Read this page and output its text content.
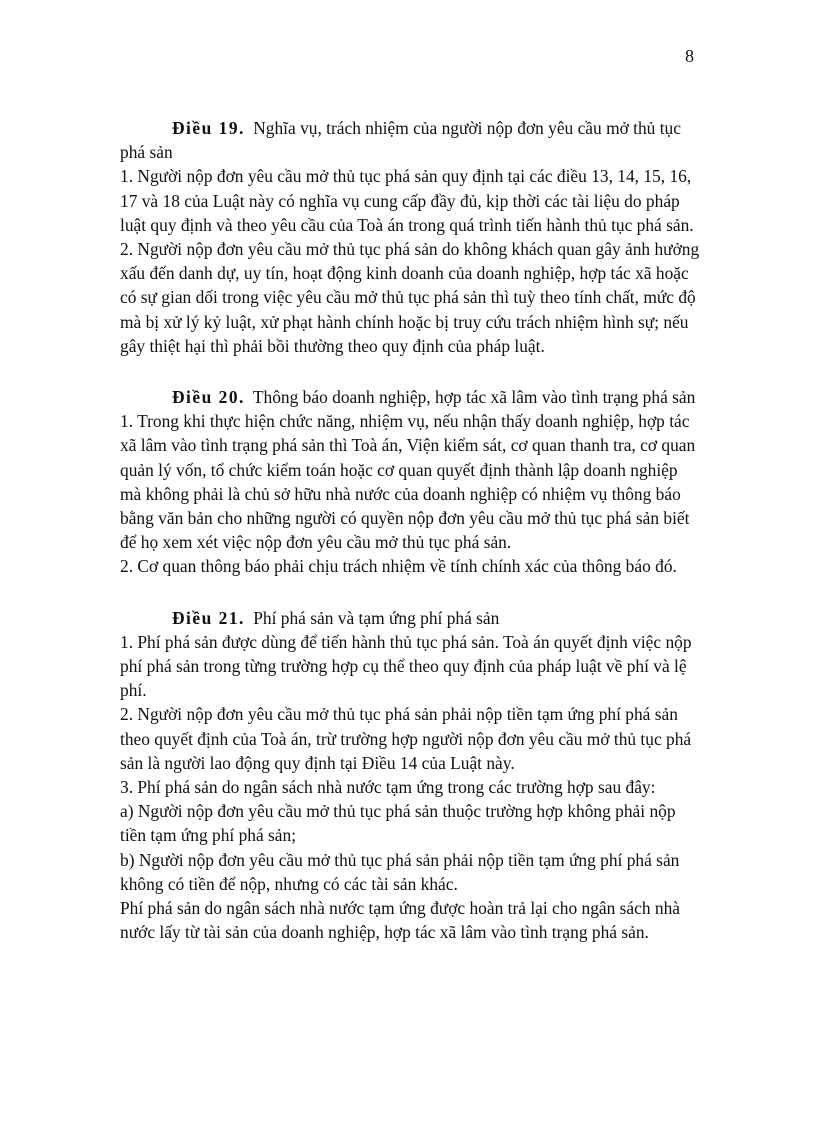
8

Điều 19. Nghĩa vụ, trách nhiệm của người nộp đơn yêu cầu mở thủ tục phá sản

1. Người nộp đơn yêu cầu mở thủ tục phá sản quy định tại các điều 13, 14, 15, 16, 17 và 18 của Luật này có nghĩa vụ cung cấp đầy đủ, kịp thời các tài liệu do pháp luật quy định và theo yêu cầu của Toà án trong quá trình tiến hành thủ tục phá sản.

2. Người nộp đơn yêu cầu mở thủ tục phá sản do không khách quan gây ảnh hưởng xấu đến danh dự, uy tín, hoạt động kinh doanh của doanh nghiệp, hợp tác xã hoặc có sự gian dối trong việc yêu cầu mở thủ tục phá sản thì tuỳ theo tính chất, mức độ mà bị xử lý kỷ luật, xử phạt hành chính hoặc bị truy cứu trách nhiệm hình sự; nếu gây thiệt hại thì phải bồi thường theo quy định của pháp luật.

Điều 20. Thông báo doanh nghiệp, hợp tác xã lâm vào tình trạng phá sản

1. Trong khi thực hiện chức năng, nhiệm vụ, nếu nhận thấy doanh nghiệp, hợp tác xã lâm vào tình trạng phá sản thì Toà án, Viện kiểm sát, cơ quan thanh tra, cơ quan quản lý vốn, tổ chức kiểm toán hoặc cơ quan quyết định thành lập doanh nghiệp mà không phải là chủ sở hữu nhà nước của doanh nghiệp có nhiệm vụ thông báo bằng văn bản cho những người có quyền nộp đơn yêu cầu mở thủ tục phá sản biết để họ xem xét việc nộp đơn yêu cầu mở thủ tục phá sản.

2. Cơ quan thông báo phải chịu trách nhiệm về tính chính xác của thông báo đó.

Điều 21. Phí phá sản và tạm ứng phí phá sản

1. Phí phá sản được dùng để tiến hành thủ tục phá sản. Toà án quyết định việc nộp phí phá sản trong từng trường hợp cụ thể theo quy định của pháp luật về phí và lệ phí.

2. Người nộp đơn yêu cầu mở thủ tục phá sản phải nộp tiền tạm ứng phí phá sản theo quyết định của Toà án, trừ trường hợp người nộp đơn yêu cầu mở thủ tục phá sản là người lao động quy định tại Điều 14 của Luật này.

3. Phí phá sản do ngân sách nhà nước tạm ứng trong các trường hợp sau đây:

a) Người nộp đơn yêu cầu mở thủ tục phá sản thuộc trường hợp không phải nộp tiền tạm ứng phí phá sản;

b) Người nộp đơn yêu cầu mở thủ tục phá sản phải nộp tiền tạm ứng phí phá sản không có tiền để nộp, nhưng có các tài sản khác.

Phí phá sản do ngân sách nhà nước tạm ứng được hoàn trả lại cho ngân sách nhà nước lấy từ tài sản của doanh nghiệp, hợp tác xã lâm vào tình trạng phá sản.
